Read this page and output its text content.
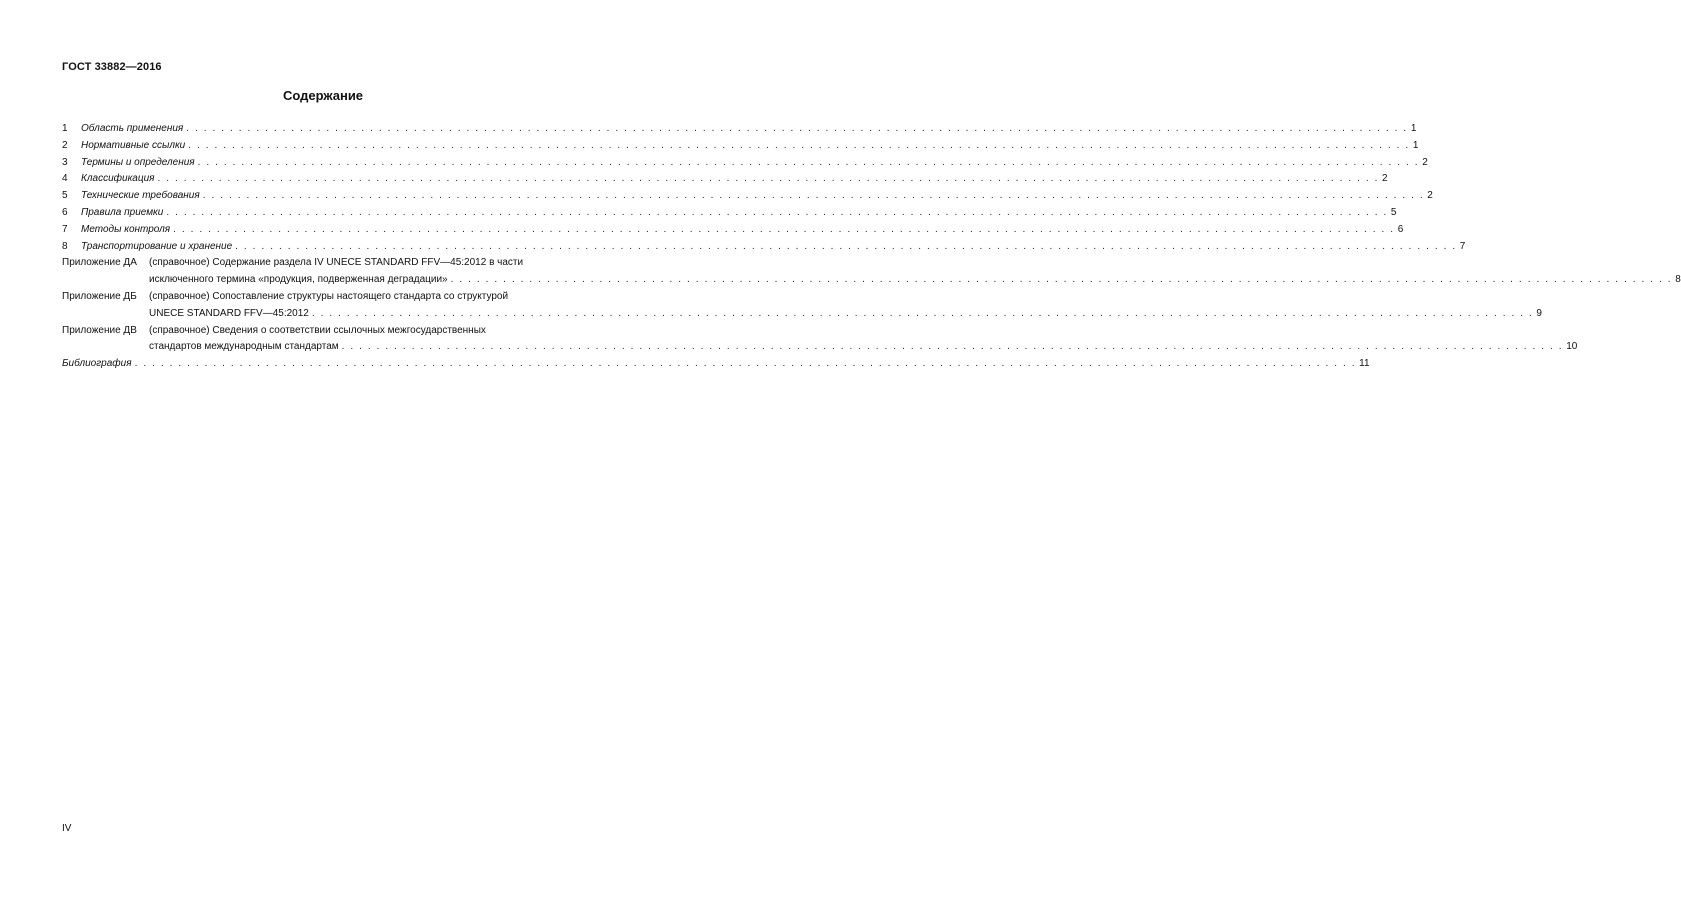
ГОСТ 33882—2016
Содержание
1 Область применения . . . . . . . . . . . . . . . . . . . . . . . . . . . . . . . . . . . . . . . . . . . . . . . . . . . . . . . . . . . . . . . . . . . . . . . . . . . . . . . . . . . . . . . . . . . . . . . . . . . . . . . . . . . . . . . . . . . . . . . . . . . . . . . . . . . . . . . . . . . . 1
2 Нормативные ссылки . . . . . . . . . . . . . . . . . . . . . . . . . . . . . . . . . . . . . . . . . . . . . . . . . . . . . . . . . . . . . . . . . . . . . . . . . . . . . . . . . . . . . . . . . . . . . . . . . . . . . . . . . . . . . . . . . . . . . . . . . . . . . . . . . . . . . . . . . . . . 1
3 Термины и определения . . . . . . . . . . . . . . . . . . . . . . . . . . . . . . . . . . . . . . . . . . . . . . . . . . . . . . . . . . . . . . . . . . . . . . . . . . . . . . . . . . . . . . . . . . . . . . . . . . . . . . . . . . . . . . . . . . . . . . . . . . . . . . . . . . . . . . . . . . . . 2
4 Классификация . . . . . . . . . . . . . . . . . . . . . . . . . . . . . . . . . . . . . . . . . . . . . . . . . . . . . . . . . . . . . . . . . . . . . . . . . . . . . . . . . . . . . . . . . . . . . . . . . . . . . . . . . . . . . . . . . . . . . . . . . . . . . . . . . . . . . . . . . . . . 2
5 Технические требования . . . . . . . . . . . . . . . . . . . . . . . . . . . . . . . . . . . . . . . . . . . . . . . . . . . . . . . . . . . . . . . . . . . . . . . . . . . . . . . . . . . . . . . . . . . . . . . . . . . . . . . . . . . . . . . . . . . . . . . . . . . . . . . . . . . . . . . . . . . . 2
6 Правила приемки . . . . . . . . . . . . . . . . . . . . . . . . . . . . . . . . . . . . . . . . . . . . . . . . . . . . . . . . . . . . . . . . . . . . . . . . . . . . . . . . . . . . . . . . . . . . . . . . . . . . . . . . . . . . . . . . . . . . . . . . . . . . . . . . . . . . . . . . . . . . 5
7 Методы контроля . . . . . . . . . . . . . . . . . . . . . . . . . . . . . . . . . . . . . . . . . . . . . . . . . . . . . . . . . . . . . . . . . . . . . . . . . . . . . . . . . . . . . . . . . . . . . . . . . . . . . . . . . . . . . . . . . . . . . . . . . . . . . . . . . . . . . . . . . . . . 6
8 Транспортирование и хранение . . . . . . . . . . . . . . . . . . . . . . . . . . . . . . . . . . . . . . . . . . . . . . . . . . . . . . . . . . . . . . . . . . . . . . . . . . . . . . . . . . . . . . . . . . . . . . . . . . . . . . . . . . . . . . . . . . . . . . . . . . . . . . . . . . . . . . . . . . . . 7
Приложение ДА (справочное) Содержание раздела IV UNECE STANDARD FFV—45:2012 в части
исключенного термина «продукция, подверженная деградации» . . . . . . . . . . . . . . . . . . . . . . . . . . . . . . . . . . . . . . . . . . . . . . . . . . . . . . . . . . . . . . . . . . . . . . . . . . . . . . . . . . . . . . . . . . . . . . . . . . . . . . . . . . . . . . . . . . . . . . . . . . . . . . . . . . . . . . . . . . . . 8
Приложение ДБ (справочное) Сопоставление структуры настоящего стандарта со структурой
UNECE STANDARD FFV—45:2012 . . . . . . . . . . . . . . . . . . . . . . . . . . . . . . . . . . . . . . . . . . . . . . . . . . . . . . . . . . . . . . . . . . . . . . . . . . . . . . . . . . . . . . . . . . . . . . . . . . . . . . . . . . . . . . . . . . . . . . . . . . . . . . . . . . . . . . . . . . . . 9
Приложение ДВ (справочное) Сведения о соответствии ссылочных межгосударственных
стандартов международным стандартам . . . . . . . . . . . . . . . . . . . . . . . . . . . . . . . . . . . . . . . . . . . . . . . . . . . . . . . . . . . . . . . . . . . . . . . . . . . . . . . . . . . . . . . . . . . . . . . . . . . . . . . . . . . . . . . . . . . . . . . . . . . . . . . . . . . . . . . . . . . . 10
Библиография . . . . . . . . . . . . . . . . . . . . . . . . . . . . . . . . . . . . . . . . . . . . . . . . . . . . . . . . . . . . . . . . . . . . . . . . . . . . . . . . . . . . . . . . . . . . . . . . . . . . . . . . . . . . . . . . . . . . . . . . . . . . . . . . . . . . . . . . . . . . 11
IV
